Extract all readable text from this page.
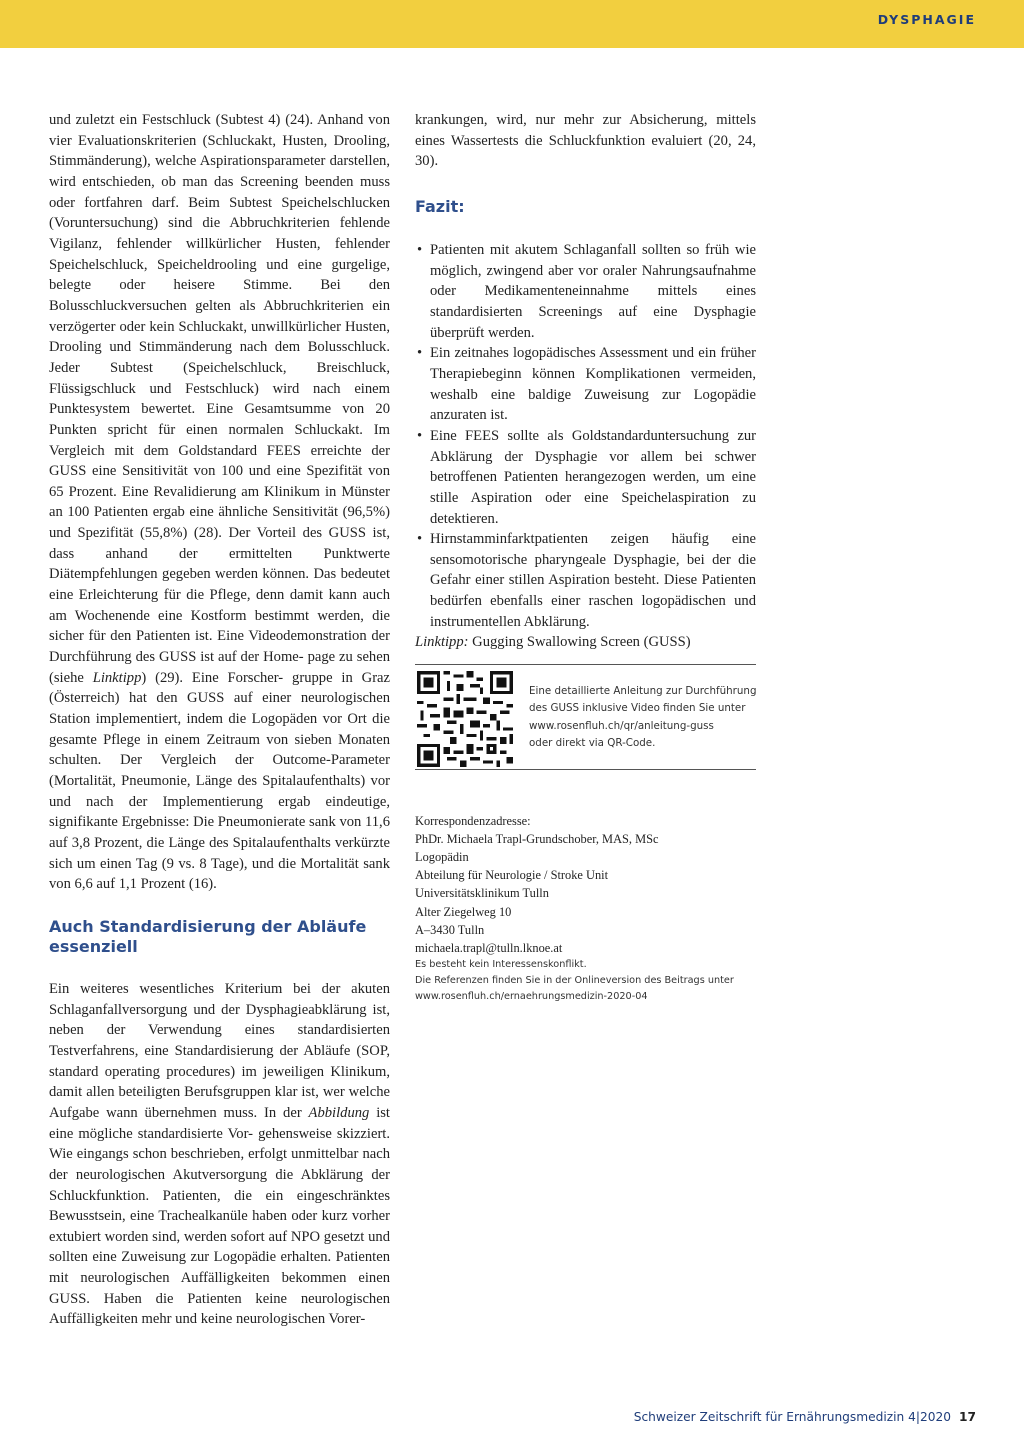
DYSPHAGIE

und zuletzt ein Festschluck (Subtest 4) (24). Anhand von vier Evaluationskriterien (Schluckakt, Husten, Drooling, Stimmänderung), welche Aspirationsparameter darstellen, wird entschieden, ob man das Screening beenden muss oder fortfahren darf. Beim Subtest Speichelschlucken (Voruntersuchung) sind die Abbruchkriterien fehlende Vigilanz, fehlender willkürlicher Husten, fehlender Speichelschluck, Speicheldrooling und eine gurgelige, belegte oder heisere Stimme. Bei den Bolusschluckversuchen gelten als Abbruchkriterien ein verzögerter oder kein Schluckakt, unwillkürlicher Husten, Drooling und Stimmänderung nach dem Bolusschluck. Jeder Subtest (Speichelschluck, Breischluck, Flüssigschluck und Festschluck) wird nach einem Punktesystem bewertet. Eine Gesamtsumme von 20 Punkten spricht für einen normalen Schluckakt. Im Vergleich mit dem Goldstandard FEES erreichte der GUSS eine Sensitivität von 100 und eine Spezifität von 65 Prozent. Eine Revalidierung am Klinikum in Münster an 100 Patienten ergab eine ähnliche Sensitivität (96,5%) und Spezifität (55,8%) (28). Der Vorteil des GUSS ist, dass anhand der ermittelten Punktwerte Diätempfehlungen gegeben werden können. Das bedeutet eine Erleichterung für die Pflege, denn damit kann auch am Wochenende eine Kostform bestimmt werden, die sicher für den Patienten ist. Eine Videodemonstration der Durchführung des GUSS ist auf der Home- page zu sehen (siehe Linktipp) (29). Eine Forscher- gruppe in Graz (Österreich) hat den GUSS auf einer neurologischen Station implementiert, indem die Logopäden vor Ort die gesamte Pflege in einem Zeitraum von sieben Monaten schulten. Der Vergleich der Outcome-Parameter (Mortalität, Pneumonie, Länge des Spitalaufenthalts) vor und nach der Implementierung ergab eindeutige, signifikante Ergebnisse: Die Pneumonierate sank von 11,6 auf 3,8 Prozent, die Länge des Spitalaufenthalts verkürzte sich um einen Tag (9 vs. 8 Tage), und die Mortalität sank von 6,6 auf 1,1 Prozent (16).

Auch Standardisierung der Abläufe essenziell

Ein weiteres wesentliches Kriterium bei der akuten Schlaganfallversorgung und der Dysphagieabklärung ist, neben der Verwendung eines standardisierten Testverfahrens, eine Standardisierung der Abläufe (SOP, standard operating procedures) im jeweiligen Klinikum, damit allen beteiligten Berufsgruppen klar ist, wer welche Aufgabe wann übernehmen muss. In der Abbildung ist eine mögliche standardisierte Vor- gehensweise skizziert. Wie eingangs schon beschrieben, erfolgt unmittelbar nach der neurologischen Akutversorgung die Abklärung der Schluckfunktion. Patienten, die ein eingeschränktes Bewusstsein, eine Trachealkanüle haben oder kurz vorher extubiert worden sind, werden sofort auf NPO gesetzt und sollten eine Zuweisung zur Logopädie erhalten. Patienten mit neurologischen Auffälligkeiten bekommen einen GUSS. Haben die Patienten keine neurologischen Auffälligkeiten mehr und keine neurologischen Vorer-

krankungen, wird, nur mehr zur Absicherung, mittels eines Wassertests die Schluckfunktion evaluiert (20, 24, 30).

Fazit:
• Patienten mit akutem Schlaganfall sollten so früh wie möglich, zwingend aber vor oraler Nahrungsaufnahme oder Medikamenteneinnahme mittels eines standardisierten Screenings auf eine Dysphagie überprüft werden.
• Ein zeitnahes logopädisches Assessment und ein früher Therapiebeginn können Komplikationen vermeiden, weshalb eine baldige Zuweisung zur Logopädie anzuraten ist.
• Eine FEES sollte als Goldstandarduntersuchung zur Abklärung der Dysphagie vor allem bei schwer betroffenen Patienten herangezogen werden, um eine stille Aspiration oder eine Speichelaspiration zu detektieren.
• Hirnstamminfarktpatienten zeigen häufig eine sensomotorische pharyngeale Dysphagie, bei der die Gefahr einer stillen Aspiration besteht. Diese Patienten bedürfen ebenfalls einer raschen logopädischen und instrumentellen Abklärung.

Linktipp: Gugging Swallowing Screen (GUSS)

Eine detaillierte Anleitung zur Durchführung
des GUSS inklusive Video finden Sie unter
www.rosenfluh.ch/qr/anleitung-guss
oder direkt via QR-Code.
Korrespondenzadresse:
PhDr. Michaela Trapl-Grundschober, MAS, MSc
Logopädin
Abteilung für Neurologie / Stroke Unit
Universitätsklinikum Tulln
Alter Ziegelweg 10
A–3430 Tulln
michaela.trapl@tulln.lknoe.at

Es besteht kein Interessenskonflikt.

Die Referenzen finden Sie in der Onlineversion des Beitrags unter
www.rosenfluh.ch/ernaehrungsmedizin-2020-04

Schweizer Zeitschrift für Ernährungsmedizin 4|2020 17
